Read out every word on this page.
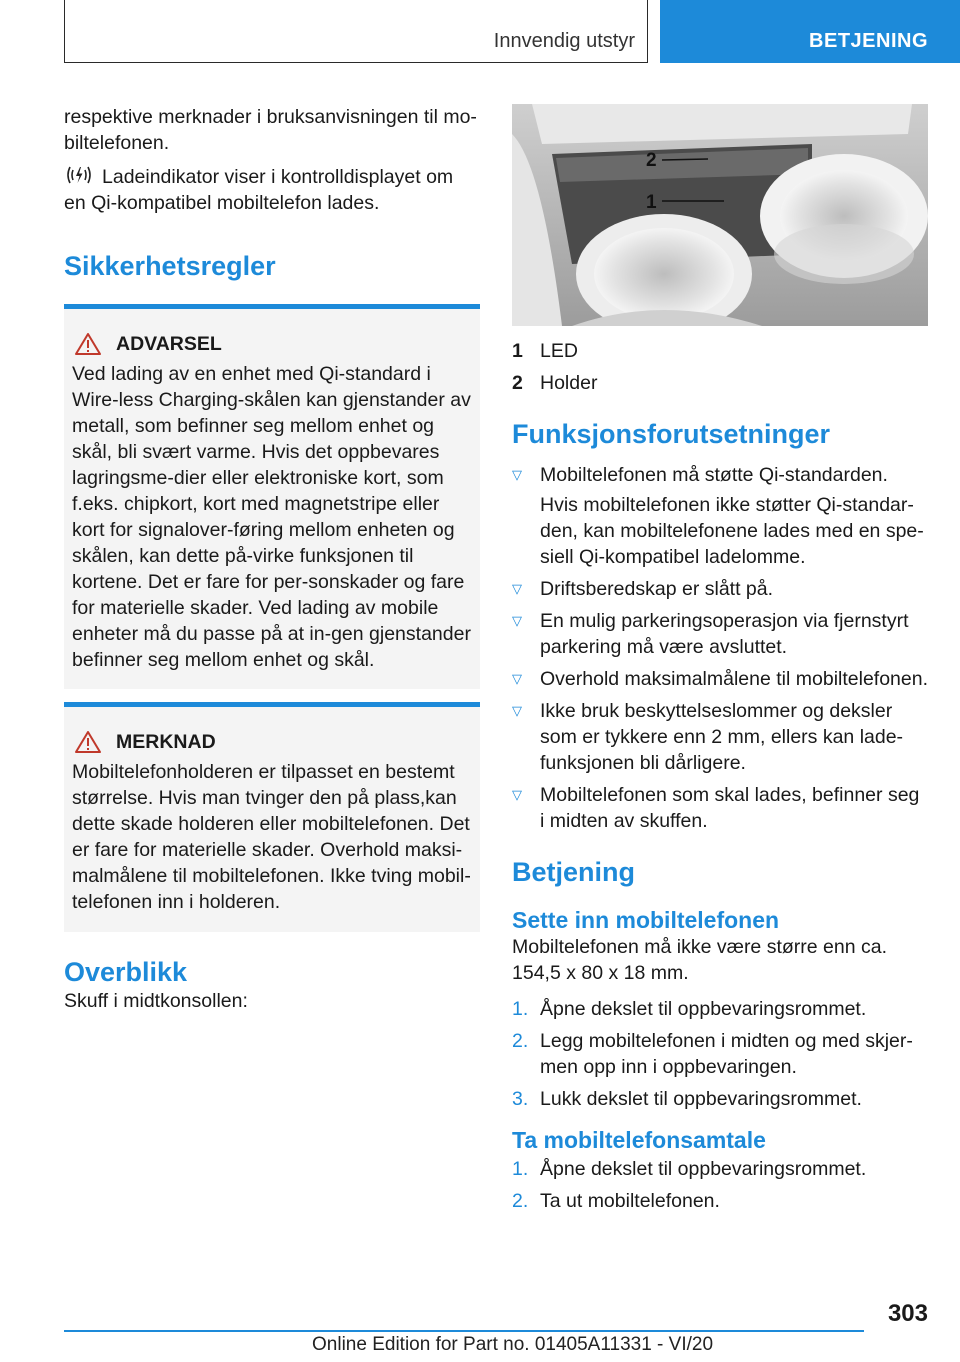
Innvendig utstyr	BETJENING

respektive merknader i bruksanvisningen til mo-biltelefonen.

Ladeindikator viser i kontrolldisplayet om en Qi-kompatibel mobiltelefon lades.

Sikkerhetsregler

ADVARSEL

Ved lading av en enhet med Qi-standard i Wire-less Charging-skålen kan gjenstander av metall, som befinner seg mellom enhet og skål, bli svært varme. Hvis det oppbevares lagringsme-dier eller elektroniske kort, som f.eks. chipkort, kort med magnetstripe eller kort for signalover-føring mellom enheten og skålen, kan dette på-virke funksjonen til kortene. Det er fare for per-sonskader og fare for materielle skader. Ved lading av mobile enheter må du passe på at in-gen gjenstander befinner seg mellom enhet og skål.

MERKNAD

Mobiltelefonholderen er tilpasset en bestemt størrelse. Hvis man tvinger den på plass,kan dette skade holderen eller mobiltelefonen. Det er fare for materielle skader. Overhold maksi-malmålene til mobiltelefonen. Ikke tving mobil-telefonen inn i holderen.

Overblikk

Skuff i midtkonsollen:

2
1
1 LED
2 Holder

Funksjonsforutsetninger

▽ Mobiltelefonen må støtte Qi-standarden.

Hvis mobiltelefonen ikke støtter Qi-standar-den, kan mobiltelefonene lades med en spe-siell Qi-kompatibel ladelomme.

▽ Driftsberedskap er slått på.
▽ En mulig parkeringsoperasjon via fjernstyrt parkering må være avsluttet.
▽ Overhold maksimalmålene til mobiltelefonen.
▽ Ikke bruk beskyttelseslommer og deksler som er tykkere enn 2 mm, ellers kan lade-funksjonen bli dårligere.
▽ Mobiltelefonen som skal lades, befinner seg i midten av skuffen.

Betjening

Sette inn mobiltelefonen

Mobiltelefonen må ikke være større enn ca. 154,5 x 80 x 18 mm.

1. Åpne dekslet til oppbevaringsrommet.
2. Legg mobiltelefonen i midten og med skjer-men opp inn i oppbevaringen.
3. Lukk dekslet til oppbevaringsrommet.

Ta mobiltelefonsamtale

1. Åpne dekslet til oppbevaringsrommet.
2. Ta ut mobiltelefonen.
303
Online Edition for Part no. 01405A11331 - VI/20
